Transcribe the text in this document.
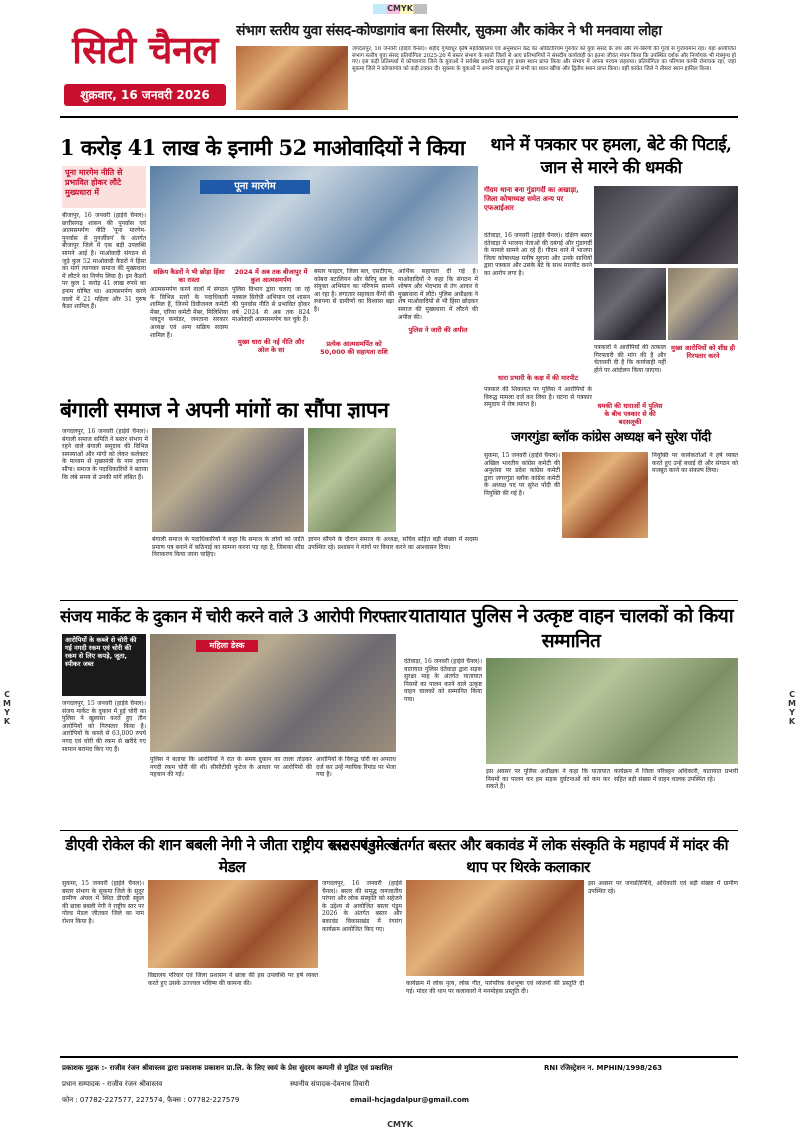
CMYK
C
M
Y
K
C
M
Y
K
CMYK
सिटी चैनल
शुक्रवार, 16 जनवरी 2026
संभाग स्तरीय युवा संसद-कोण्डागांव बना सिरमौर, सुकमा और कांकेर ने भी मनवाया लोहा
जगदलपुर, 16 जनवरी (हाईवे चैनल)। शहीद गुण्डाधुर कृषि महाविद्यालय एवं अनुसंधान केंद्र का ऑडिटोरियम गुरुवार को युवा संसद के जय और रंग-बिरंगी की गूंजों से गुंजायमान रहा। यहां आयोजित संभाग स्तरीय युवा संसद प्रतियोगिता 2025-26 में बस्तर संभाग के सातों जिलों से आए प्रतिभागियों ने संसदीय कार्यवाही का इतना जीवंत मंचन किया कि उपस्थित दर्शक और निर्णायक भी मंत्रमुग्ध हो गए। इस कड़ी प्रतिस्पर्धा में कोण्डागांव जिले के युवाओं ने सर्वश्रेष्ठ प्रदर्शन करते हुए प्रथम स्थान प्राप्त किया और संभाग में अपना परचम लहराया। प्रतियोगिता का परिणाम काफी रोमांचक रहा, जहां सुकमा जिले ने कोण्डागांव को कड़ी टक्कर दी। सुकमा के युवाओं ने अपनी वाकपटुता से सभी का ध्यान खींचा और द्वितीय स्थान प्राप्त किया। वहीं कांकेर जिले ने तीसरा स्थान हासिल किया।
1 करोड़ 41 लाख के इनामी 52 माओवादियों ने किया
पूना मारगेम नीति से प्रभावित होकर लौटे मुख्यधारा में
पूना मारगेम
बीजापुर, 16 जनवरी (हाईवे चैनल)। छत्तीसगढ़ शासन की पुनर्वास एवं आत्मसमर्पण नीति 'पूना मारगेम-पुनर्वास से पुनर्जीवन' के अंतर्गत बीजापुर जिले में एक बड़ी उपलब्धि सामने आई है। माओवादी संगठन से जुड़े कुल 52 माओवादी कैडरों ने हिंसा का मार्ग त्यागकर समाज की मुख्यधारा में लौटने का निर्णय लिया है। इन कैडरों पर कुल 1 करोड़ 41 लाख रुपये का इनाम घोषित था। आत्मसमर्पण करने वालों में 21 महिला और 31 पुरुष कैडर शामिल हैं।
सक्रिय कैडरों ने भी छोड़ा हिंसा का रास्ता
आत्मसमर्पण करने वालों में संगठन के विभिन्न स्तरों के पदाधिकारी शामिल हैं, जिनमें डिवीजनल कमेटी मेंबर, एरिया कमेटी मेंबर, मिलिशिया प्लाटून कमांडर, जनताना सरकार अध्यक्ष एवं अन्य सक्रिय सदस्य शामिल हैं।
2024 में अब तक बीजापुर में कुल आत्मसमर्पण
पुलिस विभाग द्वारा चलाए जा रहे नक्सल विरोधी अभियान एवं शासन की पुनर्वास नीति से प्रभावित होकर वर्ष 2024 से अब तक 824 माओवादी आत्मसमर्पण कर चुके हैं।
मुख्य धारा की नई नीति और ओल के सा
बस्तर फाइटर, जिला बल, एसटीएफ, कोबरा बटालियन और केरिपु बल के संयुक्त अभियान का परिणाम सामने आ रहा है। लगातार सहायता कैंपों की स्थापना से ग्रामीणों का विश्वास बढ़ा है।
आर्थिक सहायता दी गई है। माओवादियों ने कहा कि संगठन में शोषण और भेदभाव से तंग आकर वे मुख्यधारा में लौटे। पुलिस अधीक्षक ने शेष माओवादियों से भी हिंसा छोड़कर समाज की मुख्यधारा में लौटने की अपील की।
पुलिस ने जारी की अपील
प्रत्येक आत्मसमर्पित को 50,000 की सहायता राशि
थाने में पत्रकार पर हमला, बेटे की पिटाई, जान से मारने की धमकी
गीदम थाना बना गुंडागर्दी का अखाड़ा, जिला कोषाध्यक्ष समेत अन्य पर एफआईआर
दंतेवाड़ा, 16 जनवरी (हाईवे चैनल)। दक्षिण बस्तर दंतेवाड़ा में भाजपा नेताओं की दबंगई और गुंडागर्दी के मामले सामने आ रहे हैं। गीदम थाने में भाजपा जिला कोषाध्यक्ष मनीष सुराना और उनके साथियों द्वारा पत्रकार और उसके बेटे के साथ मारपीट करने का आरोप लगा है।
धारा प्रभारी के कक्ष में की मारपीट
पत्रकार की शिकायत पर पुलिस ने आरोपियों के विरुद्ध मामला दर्ज कर लिया है। घटना से पत्रकार समुदाय में रोष व्याप्त है।
पत्रकारों ने आरोपियों की तत्काल गिरफ्तारी की मांग की है और चेतावनी दी है कि कार्यवाही नहीं होने पर आंदोलन किया जाएगा।
धमकी की धाराओं में पुलिस के बीच पत्रकार से की बदसलूकी
मुख्य आरोपियों को शीघ्र ही गिरफ्तार करने
बंगाली समाज ने अपनी मांगों का सौंपा ज्ञापन
जगदलपुर, 16 जनवरी (हाईवे चैनल)। बंगाली समाज समिति ने बस्तर संभाग में रहने वाले बंगाली समुदाय की विभिन्न समस्याओं और मांगों को लेकर कलेक्टर के माध्यम से मुख्यमंत्री के नाम ज्ञापन सौंपा। समाज के पदाधिकारियों ने बताया कि लंबे समय से उनकी मांगें लंबित हैं।
बंगाली समाज के पदाधिकारियों ने कहा कि समाज के लोगों को जाति प्रमाण पत्र बनाने में कठिनाई का सामना करना पड़ रहा है, जिसका शीघ्र निराकरण किया जाना चाहिए।
ज्ञापन सौंपने के दौरान समाज के अध्यक्ष, सचिव सहित बड़ी संख्या में सदस्य उपस्थित रहे। प्रशासन ने मांगों पर विचार करने का आश्वासन दिया।
जगरगुंडा ब्लॉक कांग्रेस अध्यक्ष बने सुरेश पोंदी
सुकमा, 15 जनवरी (हाईवे चैनल)। अखिल भारतीय कांग्रेस कमेटी की अनुशंसा पर प्रदेश कांग्रेस कमेटी द्वारा जगरगुंडा ब्लॉक कांग्रेस कमेटी के अध्यक्ष पद पर सुरेश पोंदी की नियुक्ति की गई है।
नियुक्ति पर कार्यकर्ताओं ने हर्ष व्यक्त करते हुए उन्हें बधाई दी और संगठन को मजबूत करने का संकल्प लिया।
संजय मार्केट के दुकान में चोरी करने वाले 3 आरोपी गिरफ्तार
आरोपियों के कब्जे से चोरी की गई नगदी रकम एवं चोरी की रकम से लिए कपड़े, जूता, स्पीकर जब्त
महिला डेस्क
जगदलपुर, 15 जनवरी (हाईवे चैनल)। संजय मार्केट के दुकान में हुई चोरी का पुलिस ने खुलासा करते हुए तीन आरोपियों को गिरफ्तार किया है। आरोपियों के कब्जे से 63,000 रुपये नगद एवं चोरी की रकम से खरीदे गए सामान बरामद किए गए हैं।
पुलिस ने बताया कि आरोपियों ने रात के समय दुकान का ताला तोड़कर नगदी रकम चोरी की थी। सीसीटीवी फुटेज के आधार पर आरोपियों की पहचान की गई।
आरोपियों के विरुद्ध चोरी का अपराध दर्ज कर उन्हें न्यायिक रिमांड पर भेजा गया है।
यातायात पुलिस ने उत्कृष्ट वाहन चालकों को किया सम्मानित
दंतेवाड़ा, 16 जनवरी (हाईवे चैनल)। यातायात पुलिस दंतेवाड़ा द्वारा सड़क सुरक्षा माह के अंतर्गत यातायात नियमों का पालन करने वाले उत्कृष्ट वाहन चालकों को सम्मानित किया गया।
इस अवसर पर पुलिस अधीक्षक ने कहा कि यातायात नियमों का पालन कर हम सड़क दुर्घटनाओं को कम कर सकते हैं।
कार्यक्रम में जिला परिवहन अधिकारी, यातायात प्रभारी सहित बड़ी संख्या में वाहन चालक उपस्थित रहे।
डीएवी रोकेल की शान बबली नेगी ने जीता राष्ट्रीय स्तर पर गोल्ड मेडल
सुकमा, 15 जनवरी (हाईवे चैनल)। बस्तर संभाग के सुकमा जिले के सुदूर ग्रामीण अंचल में स्थित डीएवी स्कूल की छात्रा बबली नेगी ने राष्ट्रीय स्तर पर गोल्ड मेडल जीतकर जिले का नाम रोशन किया है।
विद्यालय परिवार एवं जिला प्रशासन ने छात्रा की इस उपलब्धि पर हर्ष व्यक्त करते हुए उसके उज्ज्वल भविष्य की कामना की।
बस्तर पंडुम अंतर्गत बस्तर और बकावंड में लोक संस्कृति के महापर्व में मांदर की थाप पर थिरके कलाकार
जगदलपुर, 16 जनवरी (हाईवे चैनल)। बस्तर की समृद्ध जनजातीय परंपरा और लोक संस्कृति को सहेजने के उद्देश्य से आयोजित बस्तर पंडुम 2026 के अंतर्गत बस्तर और बकावंड विकासखंड में रंगारंग कार्यक्रम आयोजित किए गए।
कार्यक्रम में लोक नृत्य, लोक गीत, पारंपरिक वेशभूषा एवं व्यंजनों की प्रस्तुति दी गई। मांदर की थाप पर कलाकारों ने मनमोहक प्रस्तुति दी।
इस अवसर पर जनप्रतिनिधि, अधिकारी एवं बड़ी संख्या में ग्रामीण उपस्थित रहे।
प्रकाशक मुद्रक :- राजीव रंजन श्रीवास्तव द्वारा प्रकाशक प्रकाशन प्रा.लि. के लिए स्वयं के प्रेस सुंदरम कम्पनी से मुद्रित एवं प्रकाशित	RNI रजिस्ट्रेशन न. MPHIN/1998/263
प्रधान सम्पादक - राजीव रंजन श्रीवास्तव	स्थानीय संपादक-देवनाथ तिवारी
फोन : 07782-227577, 227574, फैक्स : 07782-227579	email-hcjagdalpur@gmail.com
